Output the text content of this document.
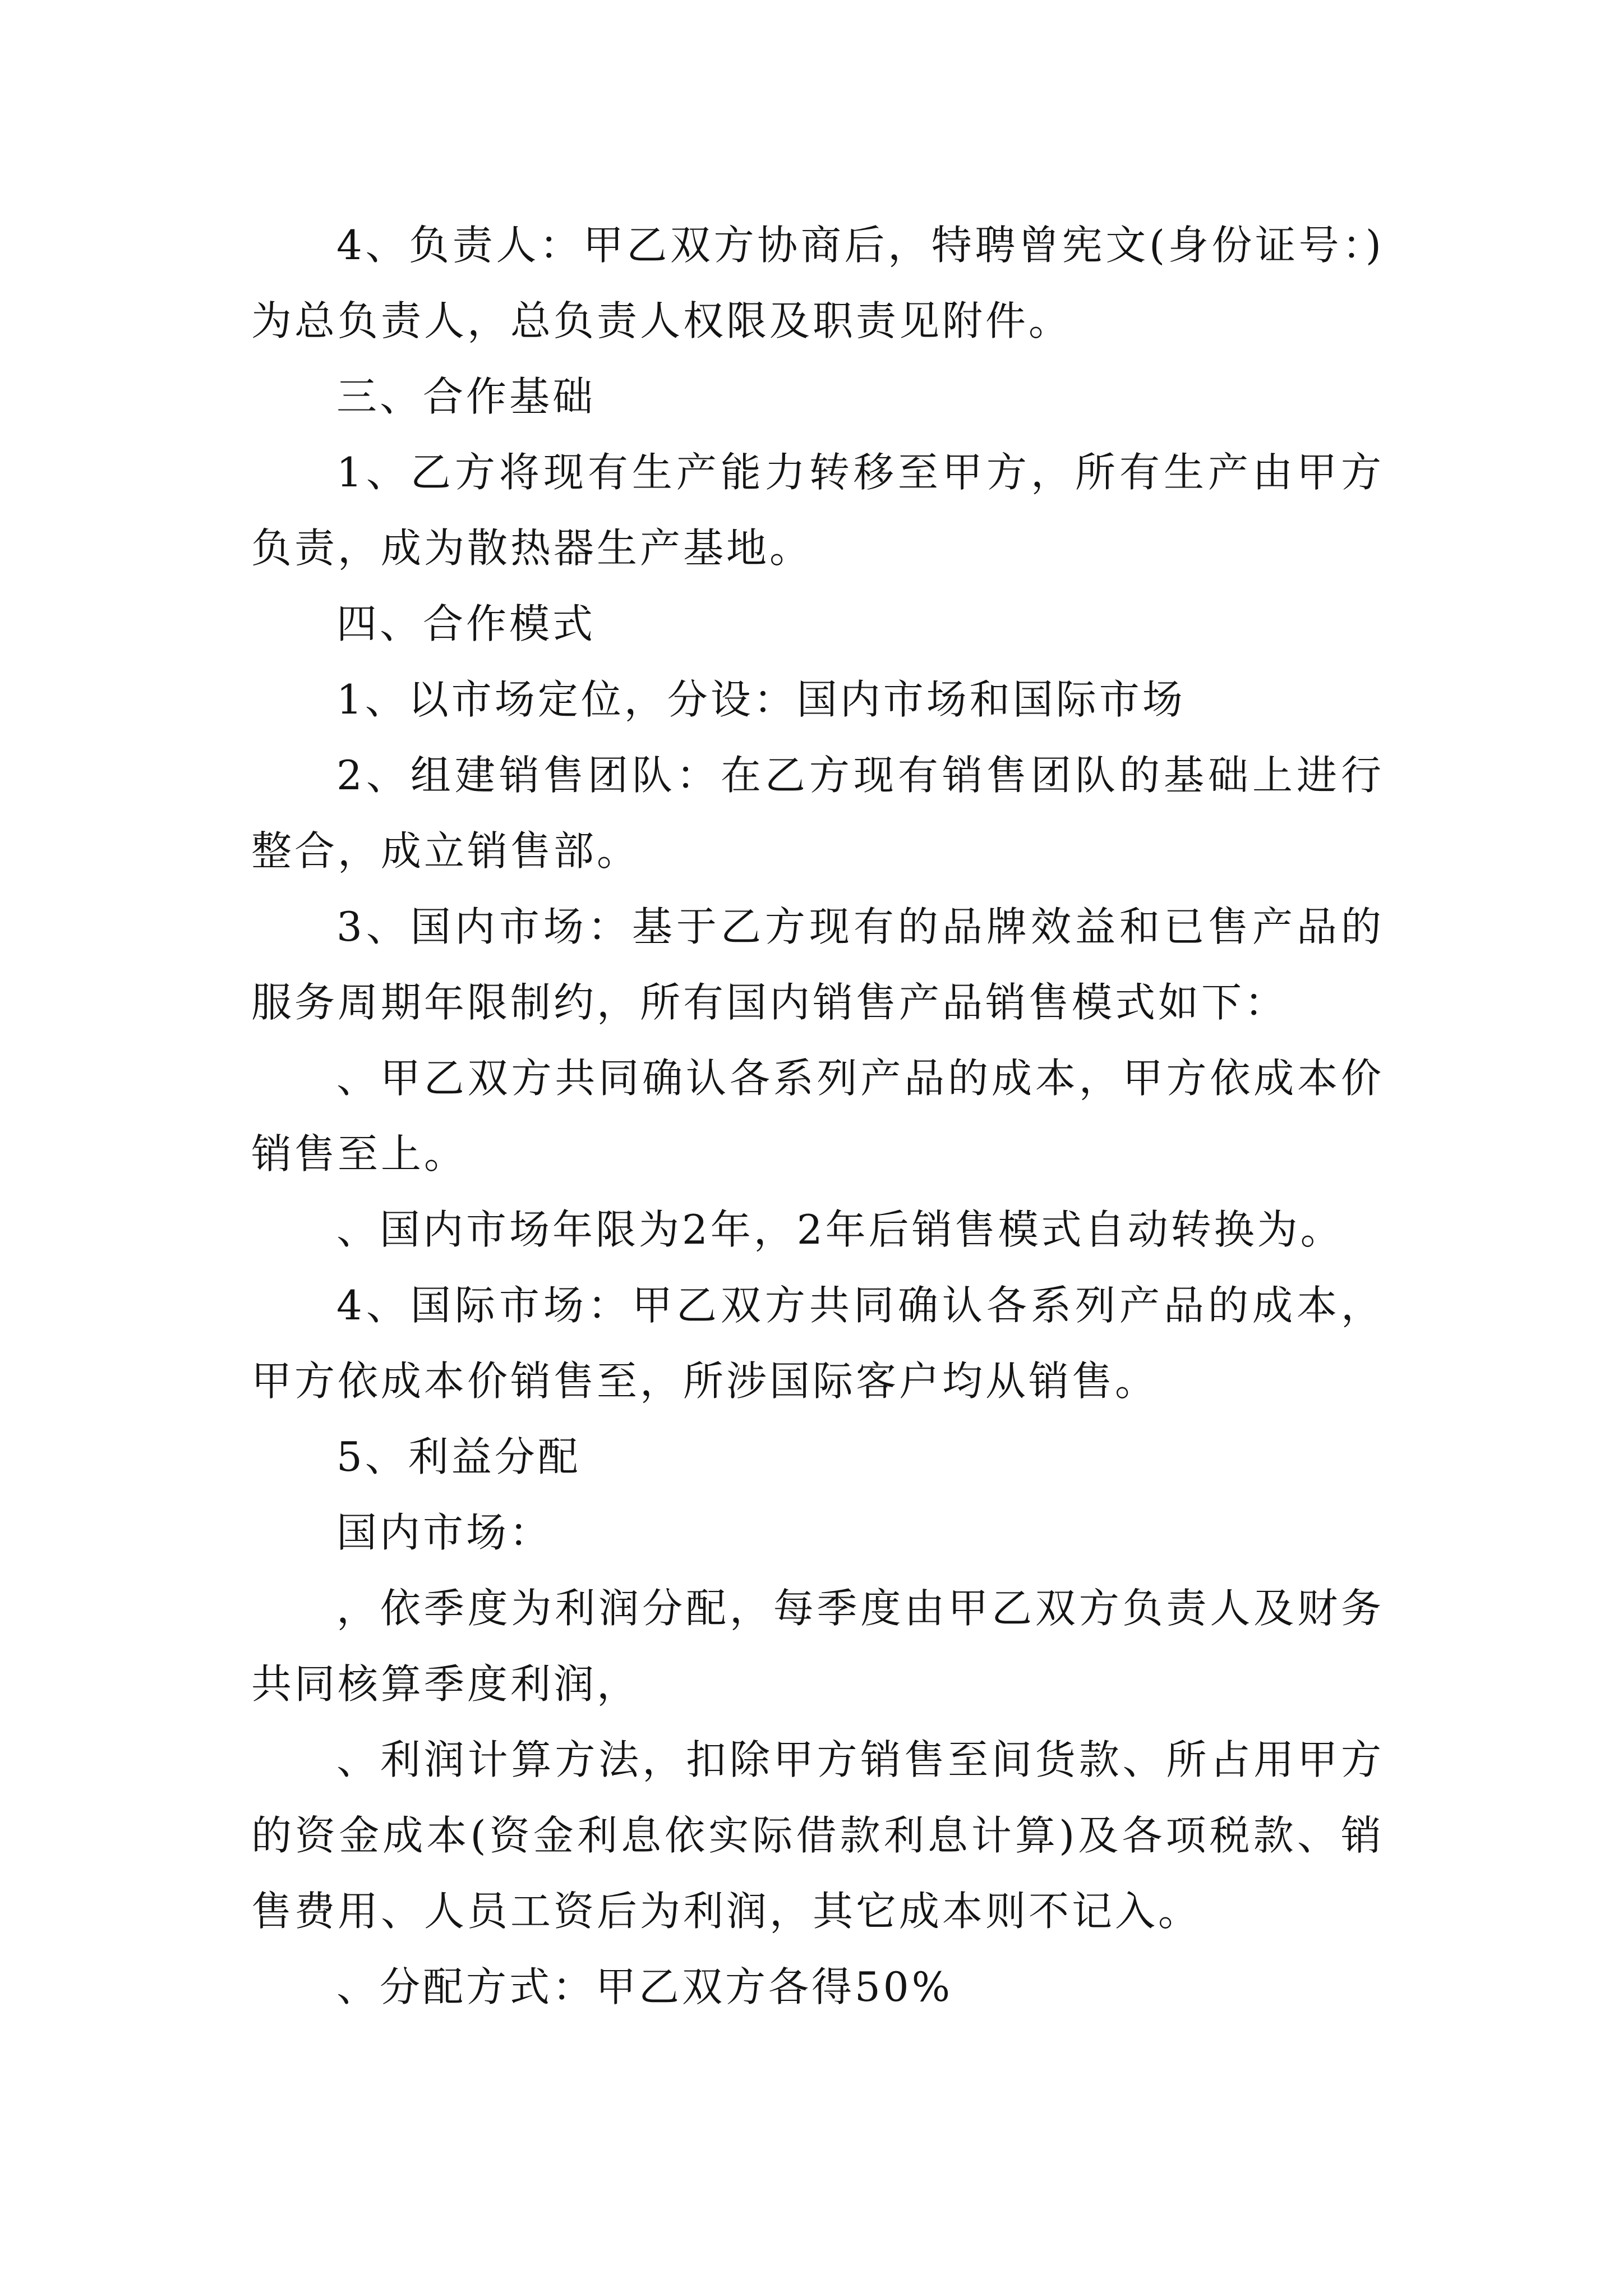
4、负责人：甲乙双方协商后，特聘曾宪文(身份证号：)为总负责人，总负责人权限及职责见附件。

三、合作基础

1、乙方将现有生产能力转移至甲方，所有生产由甲方负责，成为散热器生产基地。

四、合作模式

1、以市场定位，分设：国内市场和国际市场

2、组建销售团队：在乙方现有销售团队的基础上进行整合，成立销售部。

3、国内市场：基于乙方现有的品牌效益和已售产品的服务周期年限制约，所有国内销售产品销售模式如下：

、甲乙双方共同确认各系列产品的成本，甲方依成本价销售至上。

、国内市场年限为2年，2年后销售模式自动转换为。

4、国际市场：甲乙双方共同确认各系列产品的成本，甲方依成本价销售至，所涉国际客户均从销售。

5、利益分配

国内市场：

，依季度为利润分配，每季度由甲乙双方负责人及财务共同核算季度利润，

、利润计算方法，扣除甲方销售至间货款、所占用甲方的资金成本(资金利息依实际借款利息计算)及各项税款、销售费用、人员工资后为利润，其它成本则不记入。

、分配方式：甲乙双方各得50%
